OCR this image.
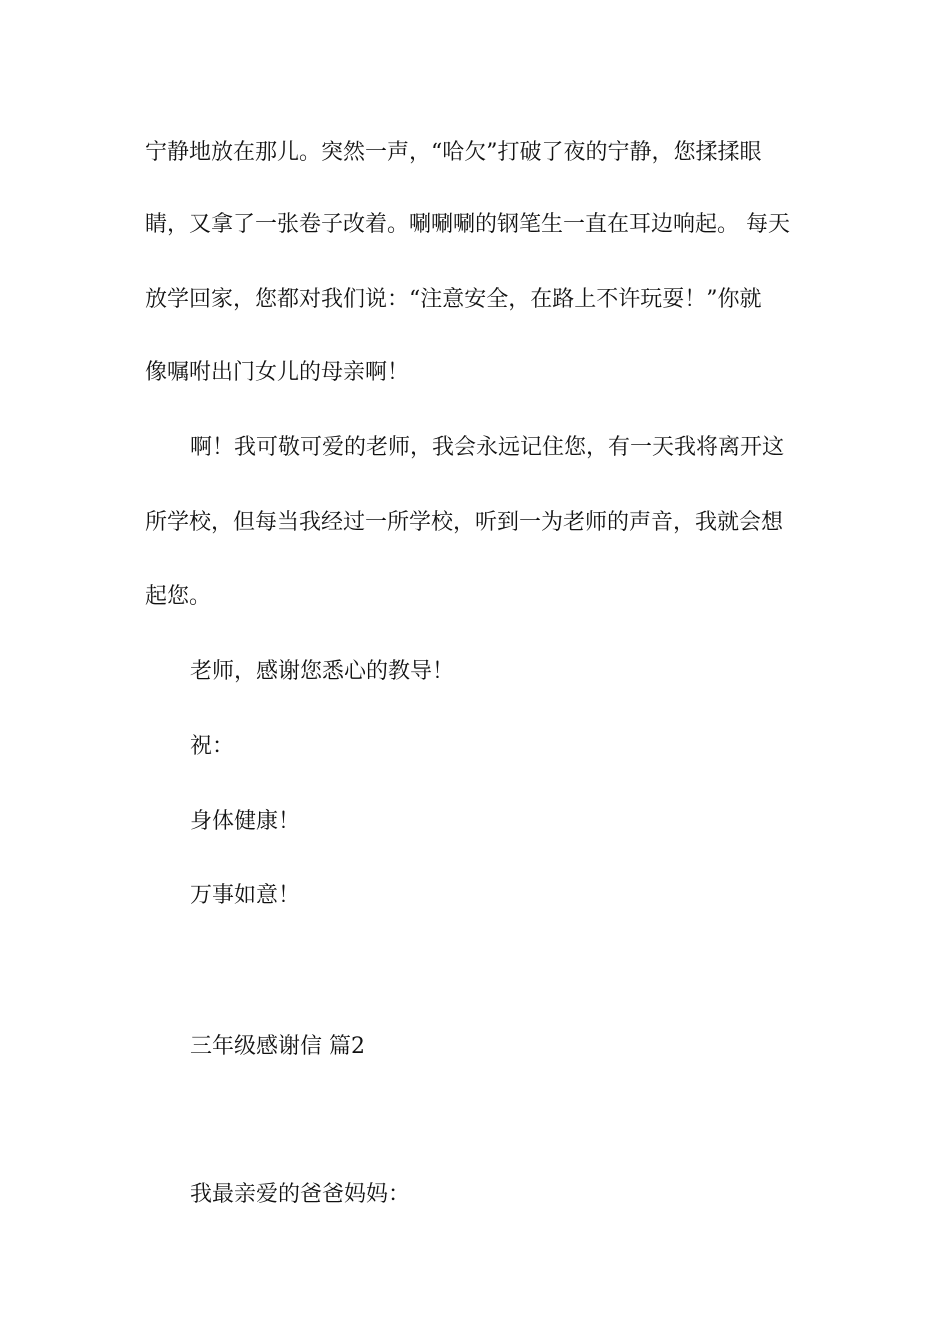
宁静地放在那儿。突然一声，“哈欠”打破了夜的宁静，您揉揉眼
睛，又拿了一张卷子改着。唰唰唰的钢笔生一直在耳边响起。 每天
放学回家，您都对我们说：“注意安全，在路上不许玩耍！”你就
像嘱咐出门女儿的母亲啊！
啊！我可敬可爱的老师，我会永远记住您，有一天我将离开这
所学校，但每当我经过一所学校，听到一为老师的声音，我就会想
起您。
老师，感谢您悉心的教导！
祝：
身体健康！
万事如意！
三年级感谢信 篇2
我最亲爱的爸爸妈妈：
